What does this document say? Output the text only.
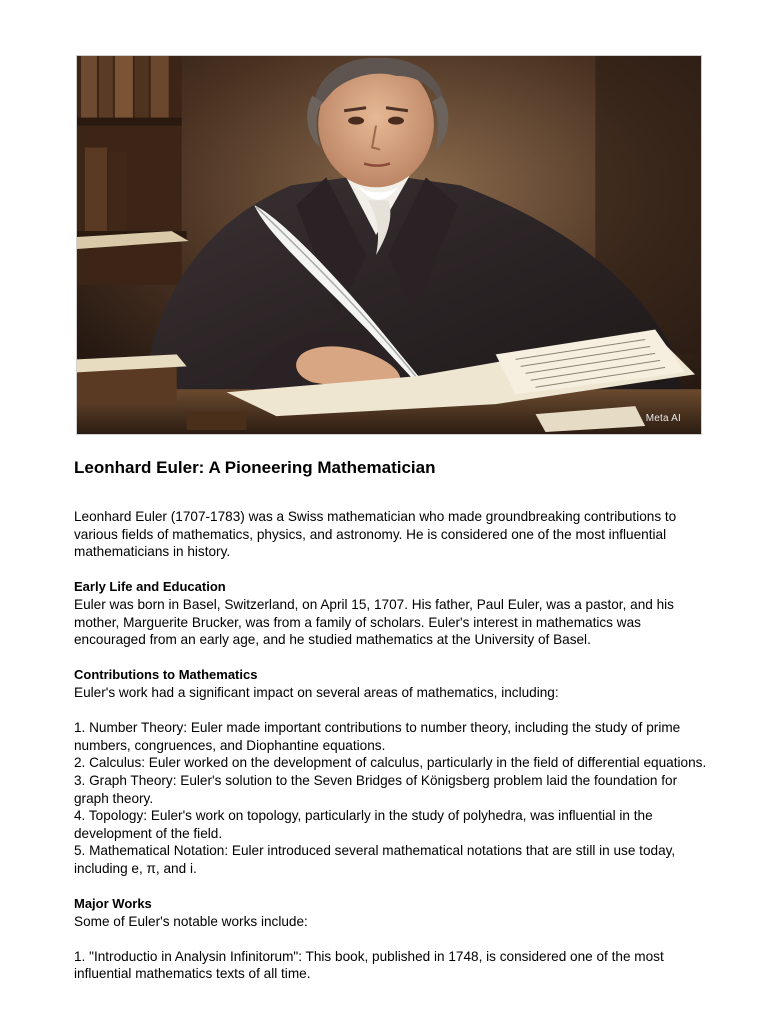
Meta AI
Leonhard Euler: A Pioneering Mathematician

Leonhard Euler (1707-1783) was a Swiss mathematician who made groundbreaking contributions to various fields of mathematics, physics, and astronomy. He is considered one of the most influential mathematicians in history.

Early Life and Education

Euler was born in Basel, Switzerland, on April 15, 1707. His father, Paul Euler, was a pastor, and his mother, Marguerite Brucker, was from a family of scholars. Euler's interest in mathematics was encouraged from an early age, and he studied mathematics at the University of Basel.

Contributions to Mathematics

Euler's work had a significant impact on several areas of mathematics, including:

1. Number Theory: Euler made important contributions to number theory, including the study of prime numbers, congruences, and Diophantine equations.
2. Calculus: Euler worked on the development of calculus, particularly in the field of differential equations.
3. Graph Theory: Euler's solution to the Seven Bridges of Königsberg problem laid the foundation for graph theory.
4. Topology: Euler's work on topology, particularly in the study of polyhedra, was influential in the development of the field.
5. Mathematical Notation: Euler introduced several mathematical notations that are still in use today, including e, π, and i.

Major Works

Some of Euler's notable works include:

1. "Introductio in Analysin Infinitorum": This book, published in 1748, is considered one of the most influential mathematics texts of all time.
